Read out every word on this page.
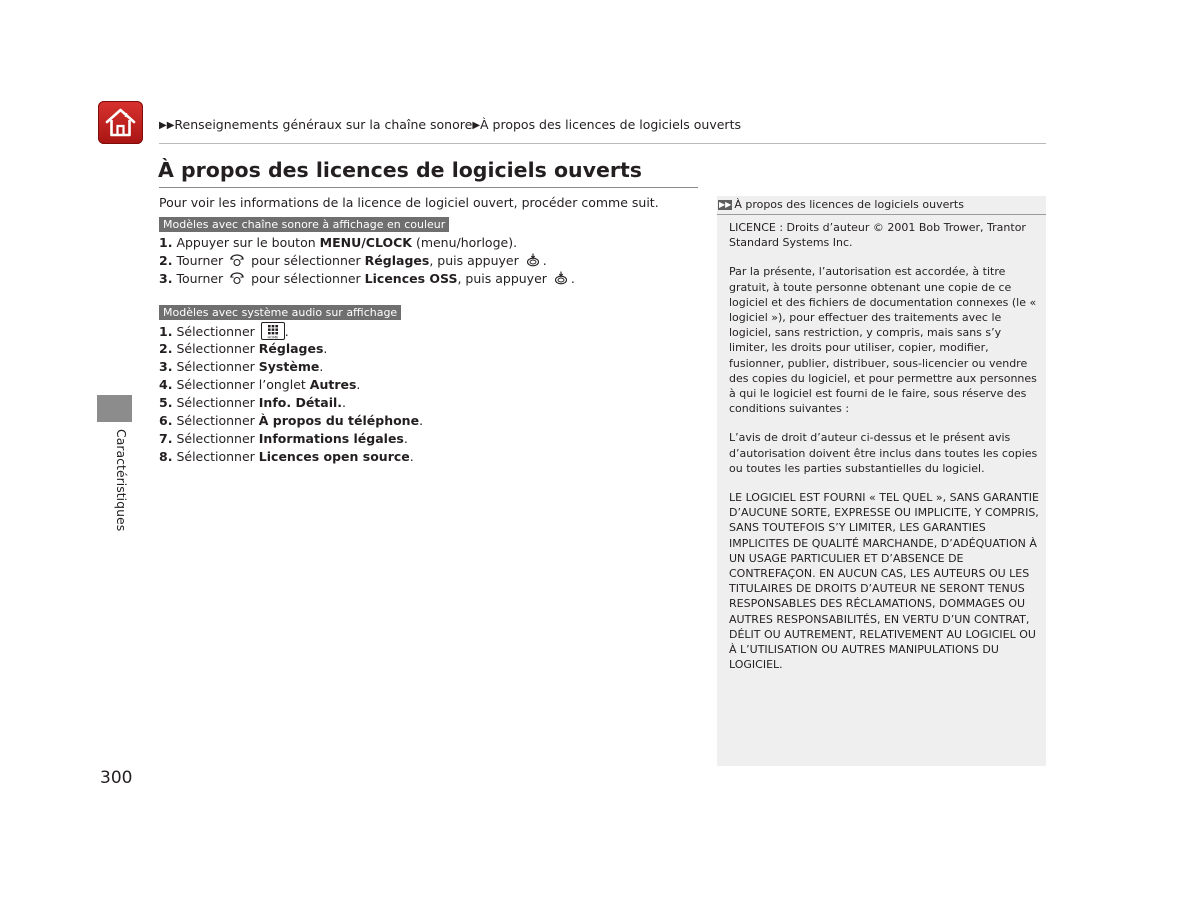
▶▶Renseignements généraux sur la chaîne sonore▶À propos des licences de logiciels ouverts
À propos des licences de logiciels ouverts
Pour voir les informations de la licence de logiciel ouvert, procéder comme suit.
Modèles avec chaîne sonore à affichage en couleur
1. Appuyer sur le bouton MENU/CLOCK (menu/horloge).
2. Tourner  pour sélectionner Réglages, puis appuyer .
3. Tourner  pour sélectionner Licences OSS, puis appuyer .
Modèles avec système audio sur affichage
1. Sélectionner HOME .
2. Sélectionner Réglages.
3. Sélectionner Système.
4. Sélectionner l’onglet Autres.
5. Sélectionner Info. Détail..
6. Sélectionner À propos du téléphone.
7. Sélectionner Informations légales.
8. Sélectionner Licences open source.
Caractéristiques
300
▶▶ À propos des licences de logiciels ouverts

LICENCE : Droits d’auteur © 2001 Bob Trower, Trantor Standard Systems Inc.

Par la présente, l’autorisation est accordée, à titre gratuit, à toute personne obtenant une copie de ce logiciel et des fichiers de documentation connexes (le « logiciel »), pour effectuer des traitements avec le logiciel, sans restriction, y compris, mais sans s’y limiter, les droits pour utiliser, copier, modifier, fusionner, publier, distribuer, sous-licencier ou vendre des copies du logiciel, et pour permettre aux personnes à qui le logiciel est fourni de le faire, sous réserve des conditions suivantes :

L’avis de droit d’auteur ci-dessus et le présent avis d’autorisation doivent être inclus dans toutes les copies ou toutes les parties substantielles du logiciel.

LE LOGICIEL EST FOURNI « TEL QUEL », SANS GARANTIE D’AUCUNE SORTE, EXPRESSE OU IMPLICITE, Y COMPRIS, SANS TOUTEFOIS S’Y LIMITER, LES GARANTIES IMPLICITES DE QUALITÉ MARCHANDE, D’ADÉQUATION À UN USAGE PARTICULIER ET D’ABSENCE DE CONTREFAÇON. EN AUCUN CAS, LES AUTEURS OU LES TITULAIRES DE DROITS D’AUTEUR NE SERONT TENUS RESPONSABLES DES RÉCLAMATIONS, DOMMAGES OU AUTRES RESPONSABILITÉS, EN VERTU D’UN CONTRAT, DÉLIT OU AUTREMENT, RELATIVEMENT AU LOGICIEL OU À L’UTILISATION OU AUTRES MANIPULATIONS DU LOGICIEL.
